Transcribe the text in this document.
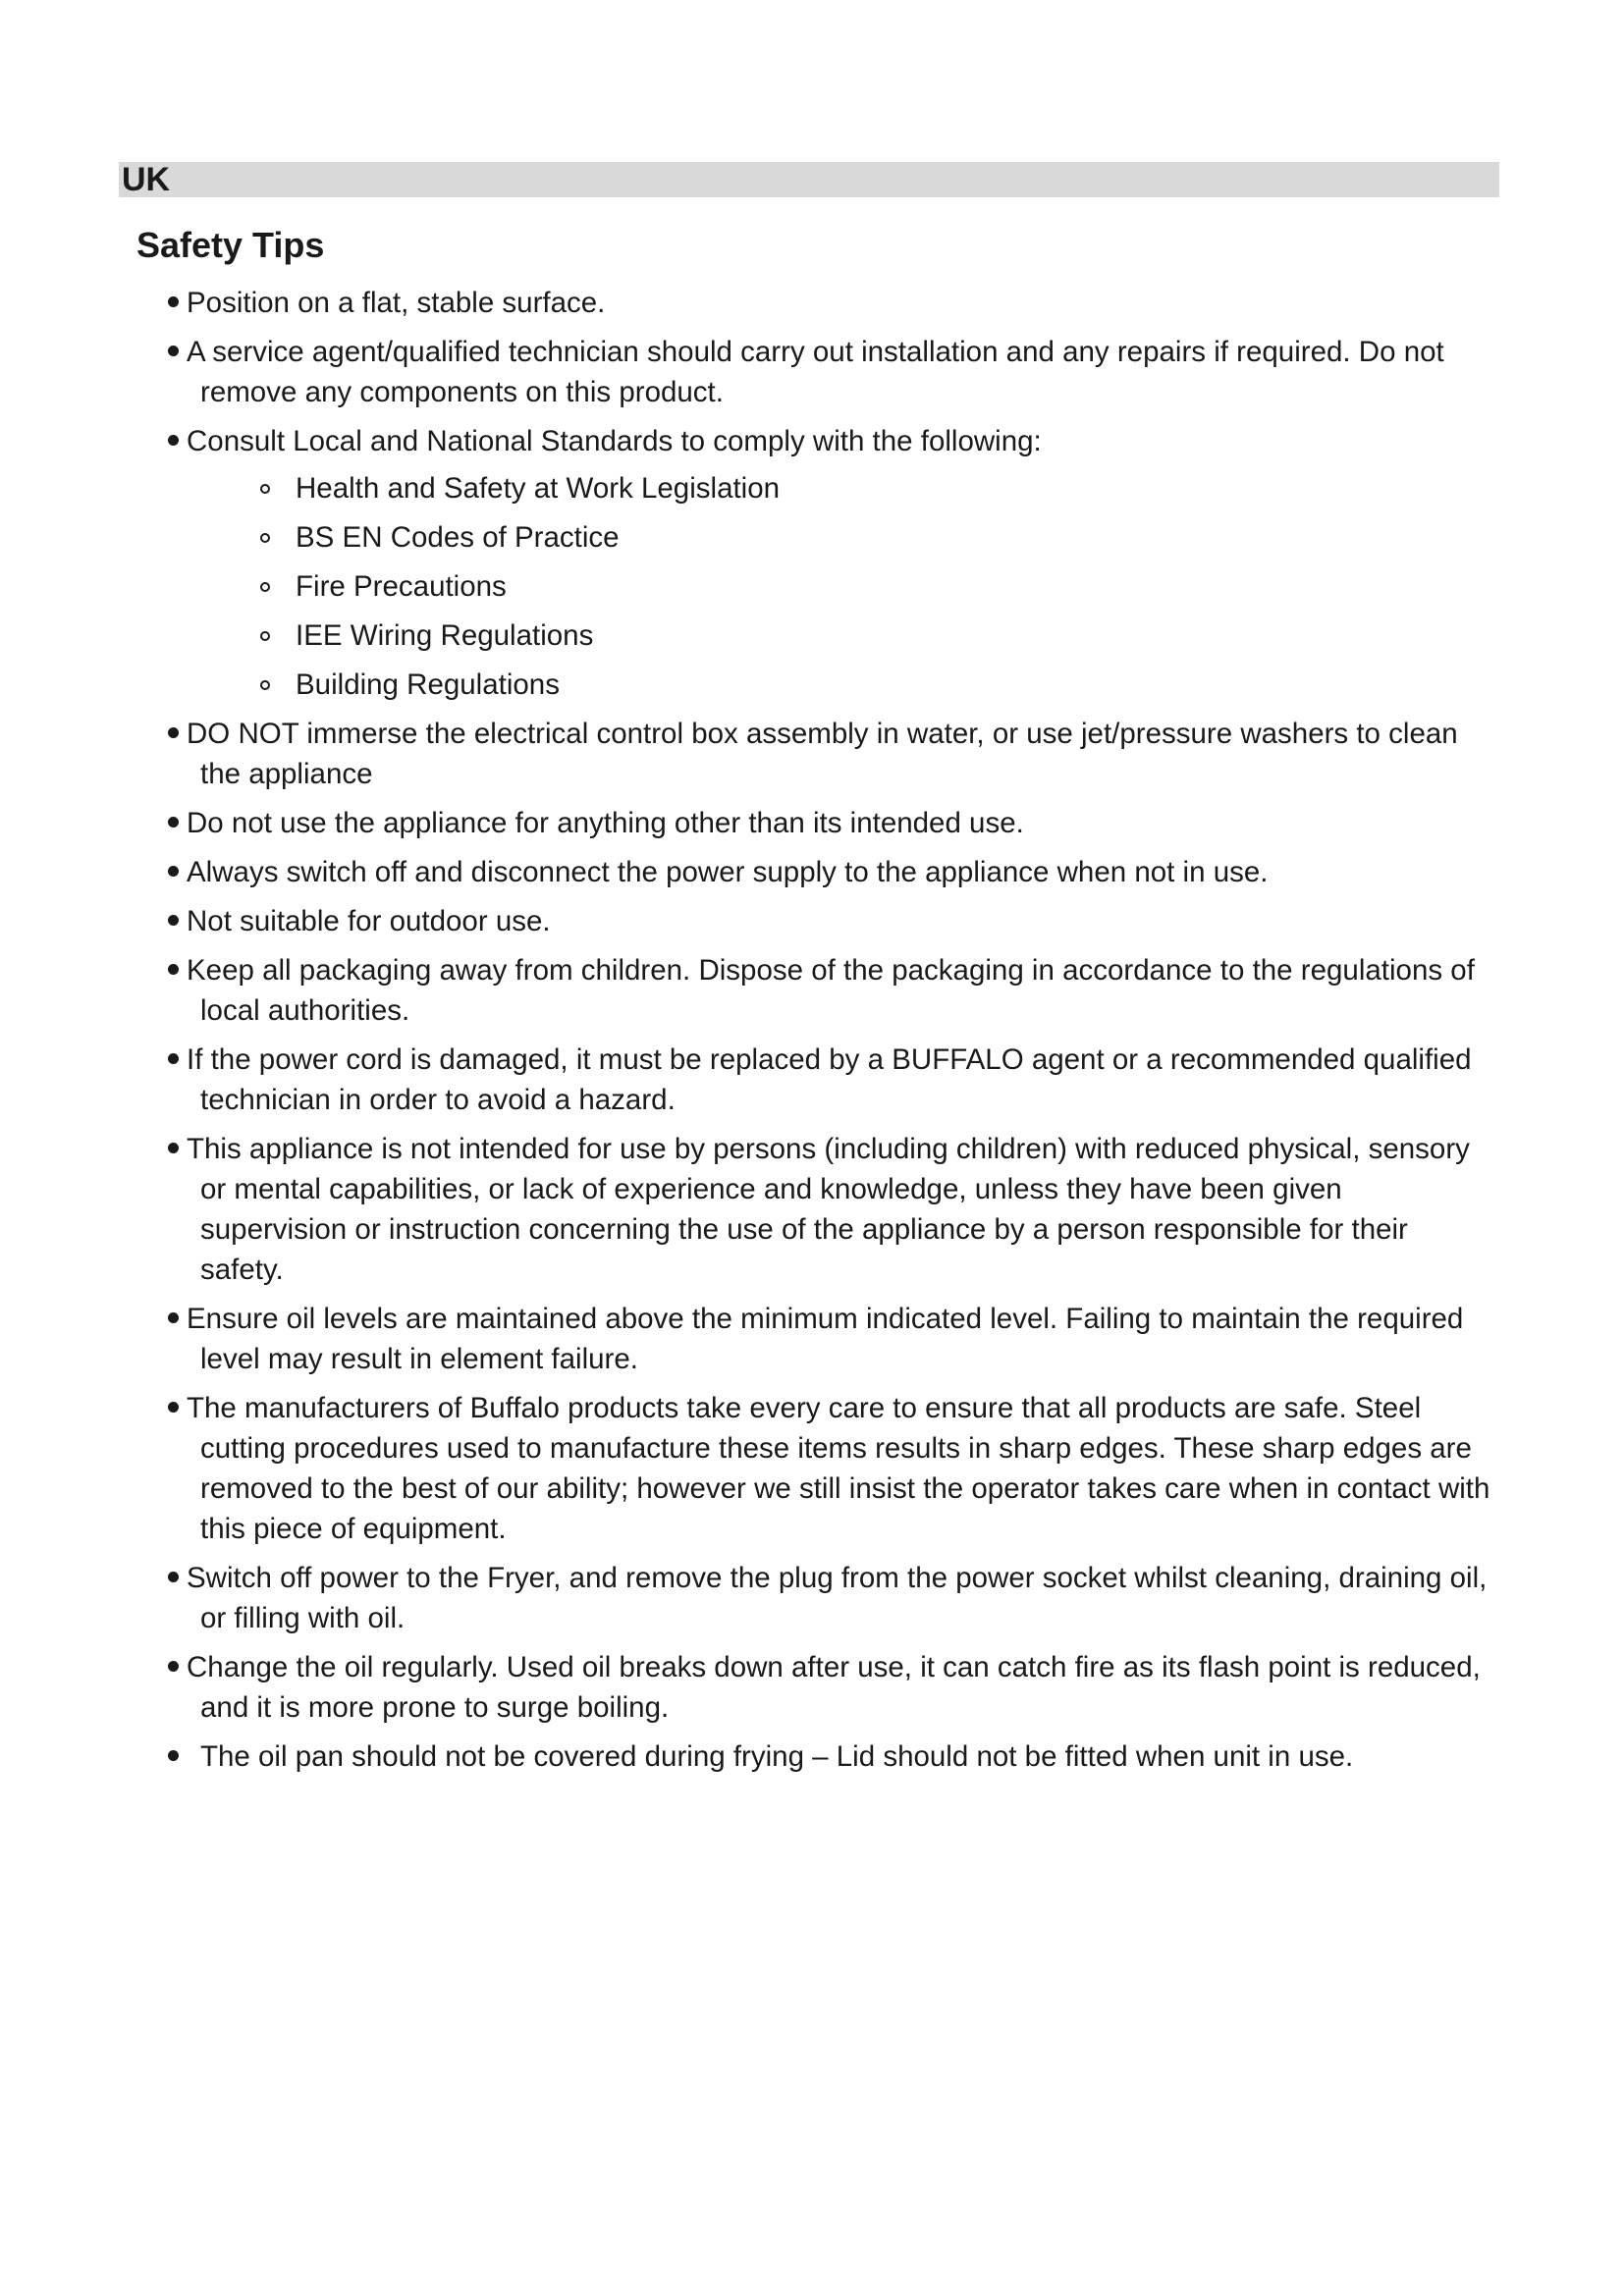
UK
Safety Tips
Position on a flat, stable surface.
A service agent/qualified technician should carry out installation and any repairs if required. Do not remove any components on this product.
Consult Local and National Standards to comply with the following:
Health and Safety at Work Legislation
BS EN Codes of Practice
Fire Precautions
IEE Wiring Regulations
Building Regulations
DO NOT immerse the electrical control box assembly in water, or use jet/pressure washers to clean the appliance
Do not use the appliance for anything other than its intended use.
Always switch off and disconnect the power supply to the appliance when not in use.
Not suitable for outdoor use.
Keep all packaging away from children. Dispose of the packaging in accordance to the regulations of local authorities.
If the power cord is damaged, it must be replaced by a BUFFALO agent or a recommended qualified technician in order to avoid a hazard.
This appliance is not intended for use by persons (including children) with reduced physical, sensory or mental capabilities, or lack of experience and knowledge, unless they have been given supervision or instruction concerning the use of the appliance by a person responsible for their safety.
Ensure oil levels are maintained above the minimum indicated level. Failing to maintain the required level may result in element failure.
The manufacturers of Buffalo products take every care to ensure that all products are safe. Steel cutting procedures used to manufacture these items results in sharp edges. These sharp edges are removed to the best of our ability; however we still insist the operator takes care when in contact with this piece of equipment.
Switch off power to the Fryer, and remove the plug from the power socket whilst cleaning, draining oil, or filling with oil.
Change the oil regularly. Used oil breaks down after use, it can catch fire as its flash point is reduced, and it is more prone to surge boiling.
The oil pan should not be covered during frying – Lid should not be fitted when unit in use.
